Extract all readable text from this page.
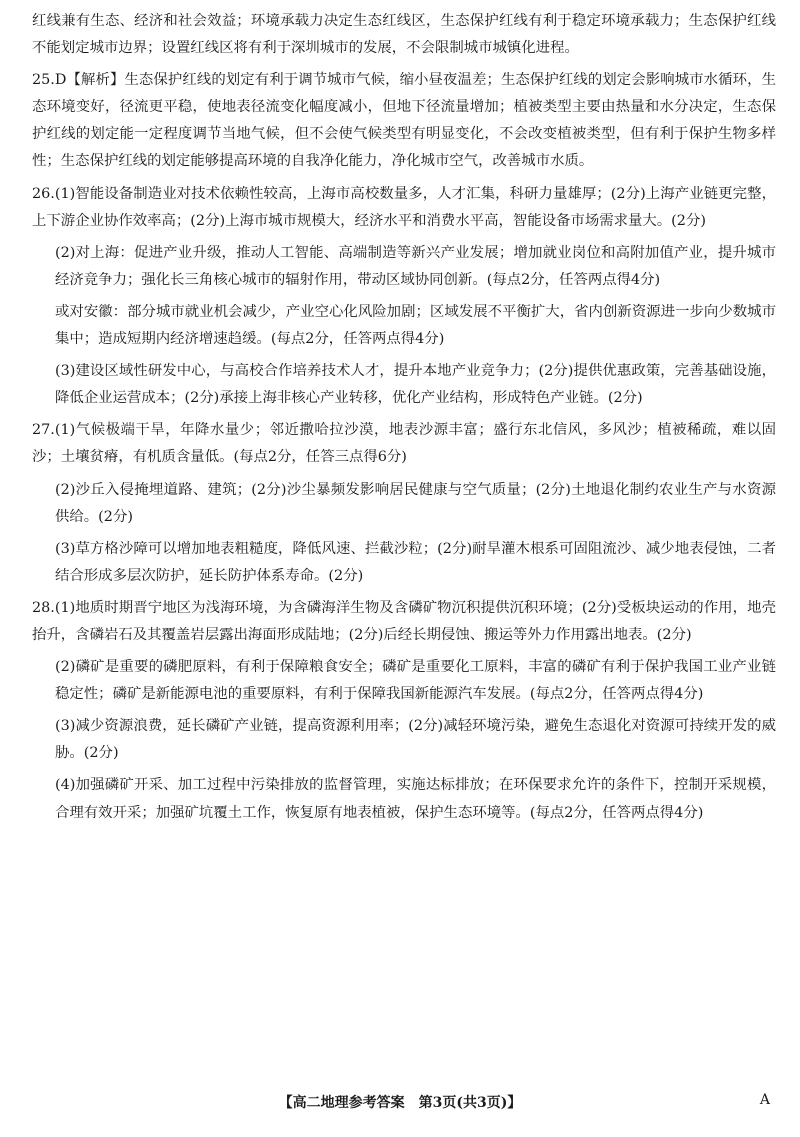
红线兼有生态、经济和社会效益；环境承载力决定生态红线区，生态保护红线有利于稳定环境承载力；生态保护红线不能划定城市边界；设置红线区将有利于深圳城市的发展，不会限制城市城镇化进程。

25.D【解析】生态保护红线的划定有利于调节城市气候，缩小昼夜温差；生态保护红线的划定会影响城市水循环，生态环境变好，径流更平稳，使地表径流变化幅度减小，但地下径流量增加；植被类型主要由热量和水分决定，生态保护红线的划定能一定程度调节当地气候，但不会使气候类型有明显变化，不会改变植被类型，但有利于保护生物多样性；生态保护红线的划定能够提高环境的自我净化能力，净化城市空气，改善城市水质。

26.(1)智能设备制造业对技术依赖性较高，上海市高校数量多，人才汇集，科研力量雄厚；(2分)上海产业链更完整，上下游企业协作效率高；(2分)上海市城市规模大，经济水平和消费水平高，智能设备市场需求量大。(2分)

(2)对上海：促进产业升级，推动人工智能、高端制造等新兴产业发展；增加就业岗位和高附加值产业，提升城市经济竞争力；强化长三角核心城市的辐射作用，带动区域协同创新。(每点2分，任答两点得4分)

或对安徽：部分城市就业机会减少，产业空心化风险加剧；区域发展不平衡扩大，省内创新资源进一步向少数城市集中；造成短期内经济增速趋缓。(每点2分，任答两点得4分)

(3)建设区域性研发中心，与高校合作培养技术人才，提升本地产业竞争力；(2分)提供优惠政策，完善基础设施，降低企业运营成本；(2分)承接上海非核心产业转移，优化产业结构，形成特色产业链。(2分)

27.(1)气候极端干旱，年降水量少；邻近撒哈拉沙漠，地表沙源丰富；盛行东北信风，多风沙；植被稀疏，难以固沙；土壤贫瘠，有机质含量低。(每点2分，任答三点得6分)

(2)沙丘入侵掩埋道路、建筑；(2分)沙尘暴频发影响居民健康与空气质量；(2分)土地退化制约农业生产与水资源供给。(2分)

(3)草方格沙障可以增加地表粗糙度，降低风速、拦截沙粒；(2分)耐旱灌木根系可固阻流沙、减少地表侵蚀，二者结合形成多层次防护，延长防护体系寿命。(2分)

28.(1)地质时期晋宁地区为浅海环境，为含磷海洋生物及含磷矿物沉积提供沉积环境；(2分)受板块运动的作用，地壳抬升，含磷岩石及其覆盖岩层露出海面形成陆地；(2分)后经长期侵蚀、搬运等外力作用露出地表。(2分)

(2)磷矿是重要的磷肥原料，有利于保障粮食安全；磷矿是重要化工原料，丰富的磷矿有利于保护我国工业产业链稳定性；磷矿是新能源电池的重要原料，有利于保障我国新能源汽车发展。(每点2分，任答两点得4分)

(3)减少资源浪费，延长磷矿产业链，提高资源利用率；(2分)减轻环境污染，避免生态退化对资源可持续开发的威胁。(2分)

(4)加强磷矿开采、加工过程中污染排放的监督管理，实施达标排放；在环保要求允许的条件下，控制开采规模，合理有效开采；加强矿坑覆土工作，恢复原有地表植被，保护生态环境等。(每点2分，任答两点得4分)

【高二地理参考答案　第3页(共3页)】	A
